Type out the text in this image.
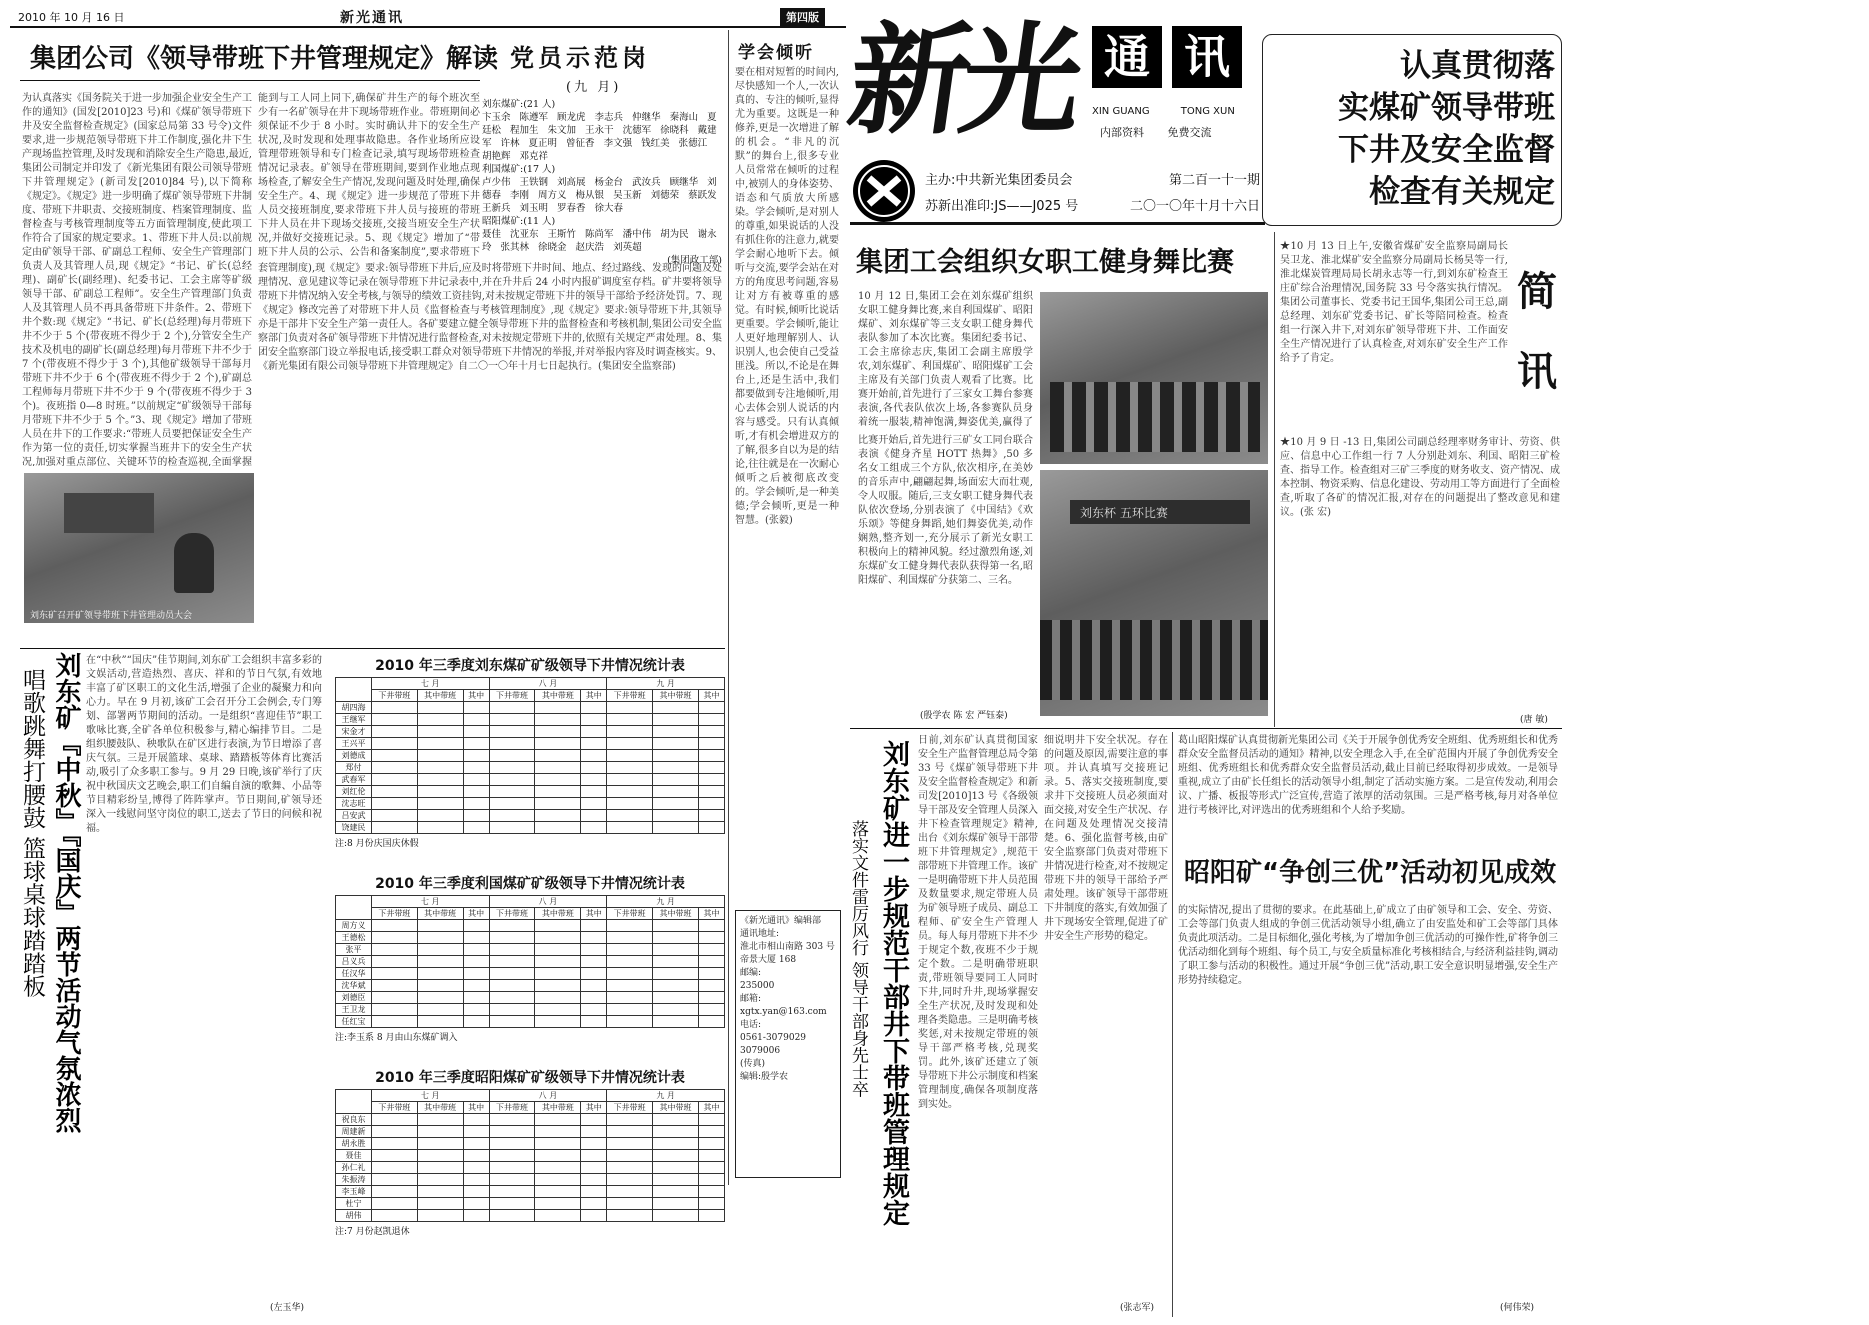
2010 年 10 月 16 日	新光通讯	第四版
集团公司《领导带班下井管理规定》解读
为认真落实《国务院关于进一步加强企业安全生产工作的通知》(国发[2010]23 号)和《煤矿领导带班下井及安全监督检查规定》(国家总局第 33 号令)文件要求,进一步规范领导带班下井工作制度,强化井下生产现场监控管理,及时发现和消除安全生产隐患,最近,集团公司制定并印发了《新光集团有限公司领导带班下井管理规定》(新司发[2010]84 号),以下简称《规定》。《规定》进一步明确了煤矿领导带班下井制度、带班下井职责、交接班制度、档案管理制度、监督检查与考核管理制度等五方面管理制度,使此项工作符合了国家的规定要求。1、带班下井人员:以前规定由矿领导干部、矿副总工程师、安全生产管理部门负责人及其管理人员,现《规定》“书记、矿长(总经理)、副矿长(副经理)、纪委书记、工会主席等矿级领导干部、矿副总工程师”。安全生产管理部门负责人及其管理人员不再具备带班下井条件。2、带班下井个数:现《规定》“书记、矿长(总经理)每月带班下井不少于 5 个(带夜班不得少于 2 个),分管安全生产技术及机电的副矿长(副总经理)每月带班下井不少于 7 个(带夜班不得少于 3 个),其他矿级领导干部每月带班下井不少于 6 个(带夜班不得少于 2 个),矿副总工程师每月带班下井不少于 9 个(带夜班不得少于 3 个)。夜班指 0—8 时班。”以前规定“矿级领导干部每月带班下井不少于 5 个。”3、现《规定》增加了带班人员在井下的工作要求:“带班人员要把保证安全生产作为第一位的责任,切实掌握当班井下的安全生产状况,加强对重点部位、关键环节的检查巡视,全面掌握
能到与工人同上同下,确保矿井生产的每个班次至少有一名矿领导在井下现场带班作业。带班期间必须保证不少于 8 小时。实时确认井下的安全生产状况,及时发现和处理事故隐患。各作业场所应设管理带班领导和专门检查记录,填写现场带班检查情况记录表。矿领导在带班期间,要到作业地点现场检查,了解安全生产情况,发现问题及时处理,确保安全生产。4、现《规定》进一步规范了带班下井人员交接班制度,要求带班下井人员与接班的带班下井人员在井下现场交接班,交接当班安全生产状况,并做好交接班记录。5、现《规定》增加了“带班下井人员的公示、公告和备案制度”,要求带班下
套管理制度),现《规定》要求:领导带班下井后,应及时将带班下井时间、地点、经过路线、发现的问题及处理情况、意见建议等记录在领导带班下井记录表中,并在升井后 24 小时内报矿调度室存档。矿井要将领导带班下井情况纳入安全考核,与领导的绩效工资挂钩,对未按规定带班下井的领导干部给予经济处罚。7、现《规定》修改完善了对带班下井人员《监督检查与考核管理制度》,现《规定》要求:领导带班下井,其领导亦是干部井下安全生产第一责任人。各矿要建立健全领导带班下井的监督检查和考核机制,集团公司安全监察部门负责对各矿领导带班下井情况进行监督检查,对未按规定带班下井的,依照有关规定严肃处理。8、集团安全监察部门设立举报电话,接受职工群众对领导带班下井情况的举报,并对举报内容及时调查核实。9、《新光集团有限公司领导带班下井管理规定》自二〇一〇年十月七日起执行。(集团安全监察部)
刘东矿召开矿领导带班下井管理动员大会
党员示范岗
(九 月)
刘东煤矿:(21 人)
卞玉余 陈遵军 顾龙虎 李志兵 仲继华 秦海山 夏廷松 程加生 朱文加 王永干 沈德军 徐晓科 戴建军 许林 夏正明 曾征香 李文强 钱红美 张德江 胡艳辉 邓克祥
利国煤矿:(17 人)
卢少伟 王铁钢 刘高展 杨金台 武汝兵 顾继华 刘德春 李刚 周方义 梅从银 吴玉新 刘德荣 蔡跃发 王新兵 刘玉明 罗春香 徐大春
昭阳煤矿:(11 人)
聂佳 沈亚东 王斯竹 陈尚军 潘中伟 胡为民 谢永玲 张其林 徐晓金 赵庆浩 刘英超
(集团政工部)
学会倾听
要在相对短暂的时间内,尽快感知一个人,一次认真的、专注的倾听,显得尤为重要。这既是一种修养,更是一次增进了解的机会。“非凡的沉默”的舞台上,很多专业人员常常在倾听的过程中,被别人的身体姿势、语态和气质放大所感染。学会倾听,是对别人的尊重,如果说话的人没有抓住你的注意力,就要学会耐心地听下去。倾听与交流,要学会站在对方的角度思考问题,容易让对方有被尊重的感觉。有时候,倾听比说话更重要。学会倾听,能让人更好地理解别人、认识别人,也会使自己受益匪浅。所以,不论是在舞台上,还是生活中,我们都要做到专注地倾听,用心去体会别人说话的内容与感受。只有认真倾听,才有机会增进双方的了解,很多自以为是的结论,往往就是在一次耐心倾听之后被彻底改变的。学会倾听,是一种美德;学会倾听,更是一种智慧。(张毅)
《新光通讯》编辑部
通讯地址:
淮北市相山南路 303 号
帝景大厦 168
邮编:
235000
邮箱:
xgtx.yan@163.com
电话:
0561-3079029
3079006
(传真)
编辑:殷学农
刘东矿『中秋』『国庆』两节活动气氛浓烈
唱歌跳舞打腰鼓 篮球桌球踏踏板
在“中秋”“国庆”佳节期间,刘东矿工会组织丰富多彩的文娱活动,营造热烈、喜庆、祥和的节日气氛,有效地丰富了矿区职工的文化生活,增强了企业的凝聚力和向心力。早在 9 月初,该矿工会召开分工会例会,专门筹划、部署两节期间的活动。一是组织“喜迎佳节”职工歌咏比赛,全矿各单位积极参与,精心编排节目。二是组织腰鼓队、秧歌队在矿区进行表演,为节日增添了喜庆气氛。三是开展篮球、桌球、踏踏板等体育比赛活动,吸引了众多职工参与。9 月 29 日晚,该矿举行了庆祝中秋国庆文艺晚会,职工们自编自演的歌舞、小品等节目精彩纷呈,博得了阵阵掌声。节日期间,矿领导还深入一线慰问坚守岗位的职工,送去了节日的问候和祝福。
(左玉华)
2010 年三季度刘东煤矿矿级领导下井情况统计表
	七 月			八 月			九 月		
	下井带班	其中带班	其中	下井带班	其中带班	其中	下井带班	其中带班	其中
胡四海									
王继军									
宋金才									
王兴平									
刘德成									
郑付									
武春军									
刘红伦									
沈志旺									
吕安武									
饶建民									
注:8 月份庆国庆休假
2010 年三季度利国煤矿矿级领导下井情况统计表
	七 月			八 月			九 月		
	下井带班	其中带班	其中	下井带班	其中带班	其中	下井带班	其中带班	其中
周方义									
王德松									
张平									
吕义兵									
任汉华									
沈华斌									
刘德臣									
王卫龙									
任红宝									
注:李玉系 8 月由山东煤矿调入
2010 年三季度昭阳煤矿矿级领导下井情况统计表
	七 月			八 月			九 月		
	下井带班	其中带班	其中	下井带班	其中带班	其中	下井带班	其中带班	其中
祝良东									
周建新									
胡永胜									
聂佳									
孙仁礼									
朱振涛									
李玉峰									
杜宁									
胡伟									
注:7 月份赵凯退休
新
光 通 讯
XIN GUANG	TONG XUN
内部资料 免费交流
主办:中共新光集团委员会	第二百一十一期
苏新出准印:JS——J025 号	二〇一〇年十月十六日
认真贯彻落
实煤矿领导带班
下井及安全监督
检查有关规定
集团工会组织女职工健身舞比赛
10 月 12 日,集团工会在刘东煤矿组织女职工健身舞比赛,来自利国煤矿、昭阳煤矿、刘东煤矿等三支女职工健身舞代表队参加了本次比赛。集团纪委书记、工会主席徐志庆,集团工会副主席殷学农,刘东煤矿、利国煤矿、昭阳煤矿工会主席及有关部门负责人观看了比赛。比赛开始前,首先进行了三家女工舞台参赛表演,各代表队依次上场,各参赛队员身着统一服装,精神饱满,舞姿优美,赢得了
比赛开始后,首先进行三矿女工同台联合表演《健身齐星 HOTT 热舞》,50 多名女工组成三个方队,依次相序,在美妙的音乐声中,翩翩起舞,场面宏大而壮观,令人叹服。随后,三支女职工健身舞代表队依次登场,分别表演了《中国结》《欢乐颂》等健身舞蹈,她们舞姿优美,动作娴熟,整齐划一,充分展示了新光女职工积极向上的精神风貌。经过激烈角逐,刘东煤矿女工健身舞代表队获得第一名,昭阳煤矿、利国煤矿分获第二、三名。
(殷学农 陈 宏 严钰泰)
刘东杯 五环比赛
★10 月 13 日上午,安徽省煤矿安全监察局副局长吴卫龙、淮北煤矿安全监察分局副局长杨昊等一行,淮北煤炭管理局局长胡永志等一行,到刘东矿检查王庄矿综合治理情况,国务院 33 号令落实执行情况。集团公司董事长、党委书记王国华,集团公司王总,副总经理、刘东矿党委书记、矿长等陪同检查。检查组一行深入井下,对刘东矿领导带班下井、工作面安全生产情况进行了认真检查,对刘东矿安全生产工作给予了肯定。
★10 月 9 日 -13 日,集团公司副总经理率财务审计、劳资、供应、信息中心工作组一行 7 人分别赴刘东、利国、昭阳三矿检查、指导工作。检查组对三矿三季度的财务收支、资产情况、成本控制、物资采购、信息化建设、劳动用工等方面进行了全面检查,听取了各矿的情况汇报,对存在的问题提出了整改意见和建议。(张 宏)
(唐 敏)
简
讯
刘东矿进一步规范干部井下带班管理规定
落实文件雷厉风行 领导干部身先士卒
日前,刘东矿认真贯彻国家安全生产监督管理总局令第 33 号《煤矿领导带班下井及安全监督检查规定》和新司发[2010]13 号《各级领导干部及安全管理人员深入井下检查管理规定》精神,出台《刘东煤矿领导干部带班下井管理规定》,规范干部带班下井管理工作。该矿一是明确带班下井人员范围及数量要求,规定带班人员为矿领导班子成员、副总工程师、矿安全生产管理人员。每人每月带班下井不少于规定个数,夜班不少于规定个数。二是明确带班职责,带班领导要同工人同时下井,同时升井,现场掌握安全生产状况,及时发现和处理各类隐患。三是明确考核奖惩,对未按规定带班的领导干部严格考核,兑现奖罚。此外,该矿还建立了领导带班下井公示制度和档案管理制度,确保各项制度落到实处。
细说明井下安全状况。存在的问题及原因,需要注意的事项。并认真填写交接班记录。5、落实交接班制度,要求井下交接班人员必须面对面交接,对安全生产状况、存在问题及处理情况交接清楚。6、强化监督考核,由矿安全监察部门负责对带班下井情况进行检查,对不按规定带班下井的领导干部给予严肃处理。该矿领导干部带班下井制度的落实,有效加强了井下现场安全管理,促进了矿井安全生产形势的稳定。
(张志军)
葛山昭阳煤矿认真贯彻新光集团公司《关于开展争创优秀安全班组、优秀班组长和优秀群众安全监督员活动的通知》精神,以安全理念入手,在全矿范围内开展了争创优秀安全班组、优秀班组长和优秀群众安全监督员活动,截止目前已经取得初步成效。一是领导重视,成立了由矿长任组长的活动领导小组,制定了活动实施方案。二是宣传发动,利用会议、广播、板报等形式广泛宣传,营造了浓厚的活动氛围。三是严格考核,每月对各单位进行考核评比,对评选出的优秀班组和个人给予奖励。
昭阳矿“争创三优”活动初见成效
的实际情况,提出了贯彻的要求。在此基础上,矿成立了由矿领导和工会、安全、劳资、工会等部门负责人组成的争创三优活动领导小组,确立了由安监处和矿工会等部门具体负责此项活动。二是目标细化,强化考核,为了增加争创三优活动的可操作性,矿将争创三优活动细化到每个班组、每个员工,与安全质量标准化考核相结合,与经济利益挂钩,调动了职工参与活动的积极性。通过开展“争创三优”活动,职工安全意识明显增强,安全生产形势持续稳定。
(何伟荣)
